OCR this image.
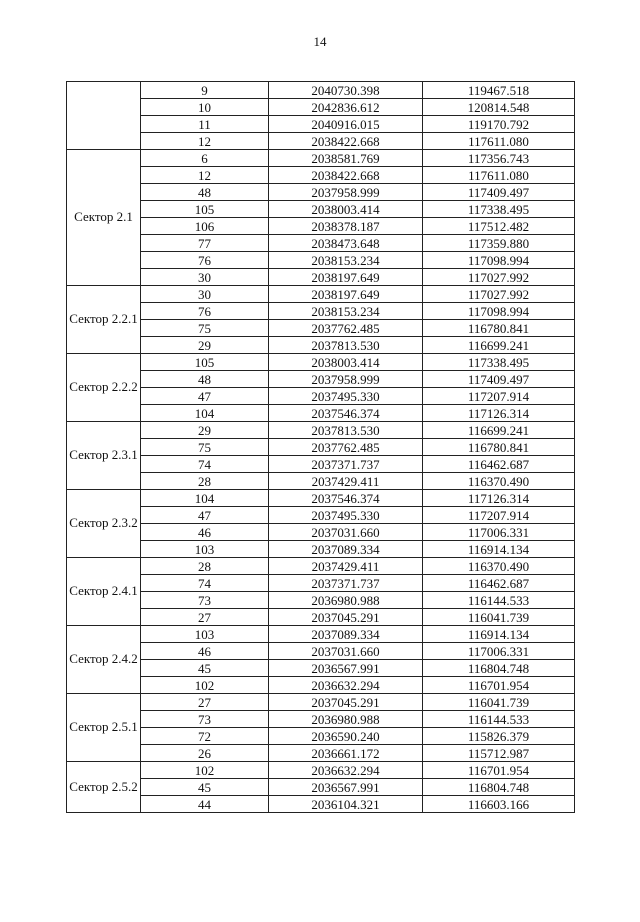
14
	9	2040730.398	119467.518
	10	2042836.612	120814.548
	11	2040916.015	119170.792
	12	2038422.668	117611.080
Сектор 2.1	6	2038581.769	117356.743
	12	2038422.668	117611.080
	48	2037958.999	117409.497
	105	2038003.414	117338.495
	106	2038378.187	117512.482
	77	2038473.648	117359.880
	76	2038153.234	117098.994
	30	2038197.649	117027.992
Сектор 2.2.1	30	2038197.649	117027.992
	76	2038153.234	117098.994
	75	2037762.485	116780.841
	29	2037813.530	116699.241
Сектор 2.2.2	105	2038003.414	117338.495
	48	2037958.999	117409.497
	47	2037495.330	117207.914
	104	2037546.374	117126.314
Сектор 2.3.1	29	2037813.530	116699.241
	75	2037762.485	116780.841
	74	2037371.737	116462.687
	28	2037429.411	116370.490
Сектор 2.3.2	104	2037546.374	117126.314
	47	2037495.330	117207.914
	46	2037031.660	117006.331
	103	2037089.334	116914.134
Сектор 2.4.1	28	2037429.411	116370.490
	74	2037371.737	116462.687
	73	2036980.988	116144.533
	27	2037045.291	116041.739
Сектор 2.4.2	103	2037089.334	116914.134
	46	2037031.660	117006.331
	45	2036567.991	116804.748
	102	2036632.294	116701.954
Сектор 2.5.1	27	2037045.291	116041.739
	73	2036980.988	116144.533
	72	2036590.240	115826.379
	26	2036661.172	115712.987
Сектор 2.5.2	102	2036632.294	116701.954
	45	2036567.991	116804.748
	44	2036104.321	116603.166
